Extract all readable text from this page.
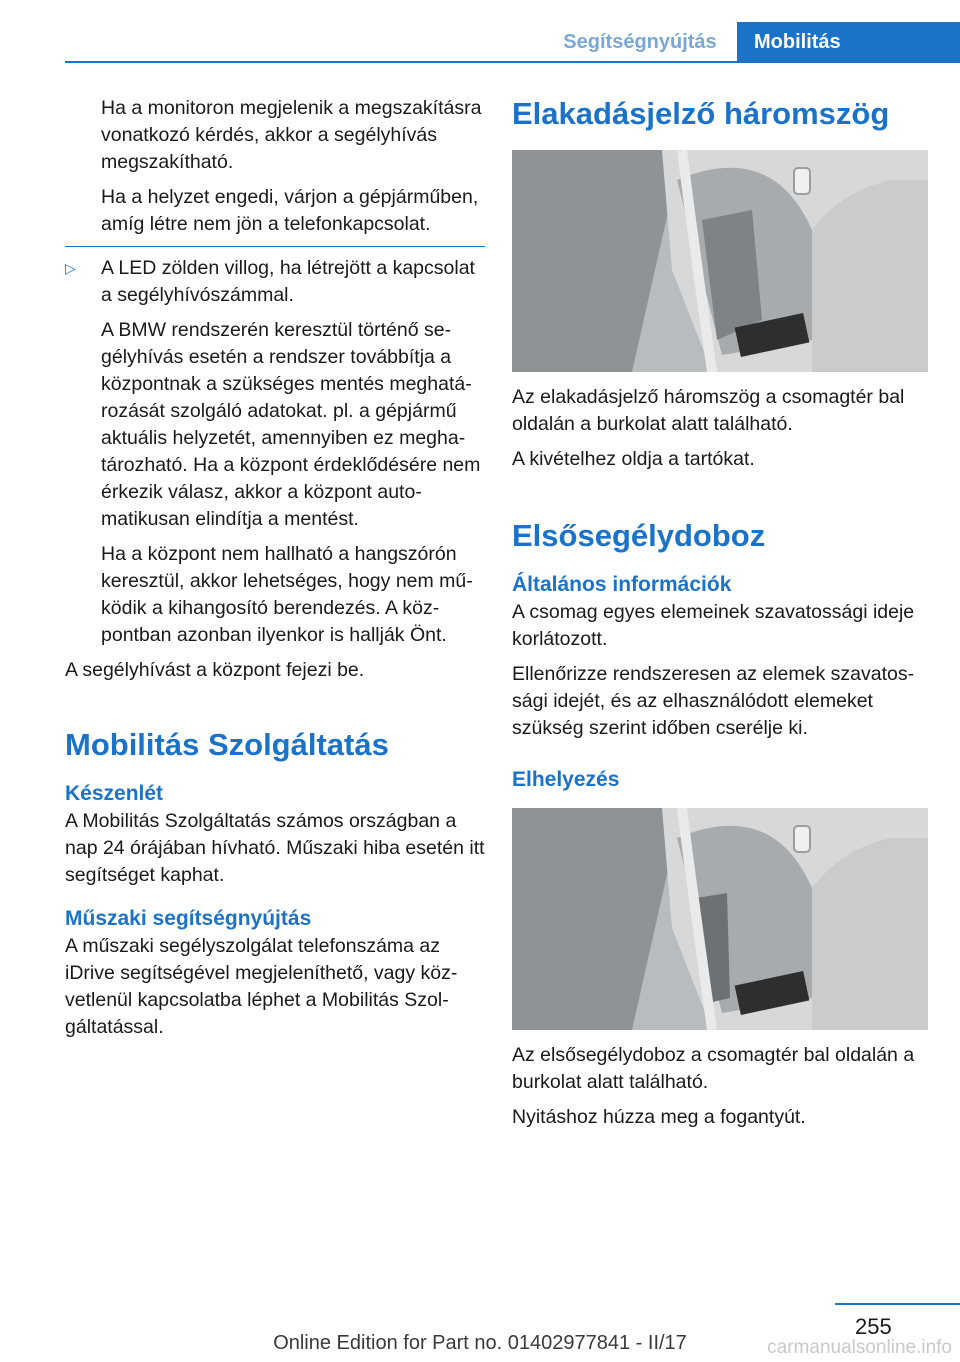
Segítségnyújtás	Mobilitás

Ha a monitoron megjelenik a megszakításra vonatkozó kérdés, akkor a segélyhívás megszakítható.

Ha a helyzet engedi, várjon a gépjárműben, amíg létre nem jön a telefonkapcsolat.

▷ A LED zölden villog, ha létrejött a kapcsolat a segélyhívószámmal.

A BMW rendszerén keresztül történő segélyhívás esetén a rendszer továbbítja a központnak a szükséges mentés meghatározását szolgáló adatokat. pl. a gépjármű aktuális helyzetét, amennyiben ez meghatározható. Ha a központ érdeklődésére nem érkezik válasz, akkor a központ automatikusan elindítja a mentést.

Ha a központ nem hallható a hangszórón keresztül, akkor lehetséges, hogy nem működik a kihangosító berendezés. A központban azonban ilyenkor is hallják Önt.

A segélyhívást a központ fejezi be.

Mobilitás Szolgáltatás
Készenlét

A Mobilitás Szolgáltatás számos országban a nap 24 órájában hívható. Műszaki hiba esetén itt segítséget kaphat.

Műszaki segítségnyújtás

A műszaki segélyszolgálat telefonszáma az iDrive segítségével megjeleníthető, vagy közvetlenül kapcsolatba léphet a Mobilitás Szolgáltatással.

Elakadásjelző háromszög

Az elakadásjelző háromszög a csomagtér bal oldalán a burkolat alatt található.

A kivételhez oldja a tartókat.

Elsősegélydoboz
Általános információk

A csomag egyes elemeinek szavatossági ideje korlátozott.

Ellenőrizze rendszeresen az elemek szavatossági idejét, és az elhasználódott elemeket szükség szerint időben cserélje ki.

Elhelyezés

Az elsősegélydoboz a csomagtér bal oldalán a burkolat alatt található.

Nyitáshoz húzza meg a fogantyút.

255
Online Edition for Part no. 01402977841 - II/17	carmanualsonline.info
